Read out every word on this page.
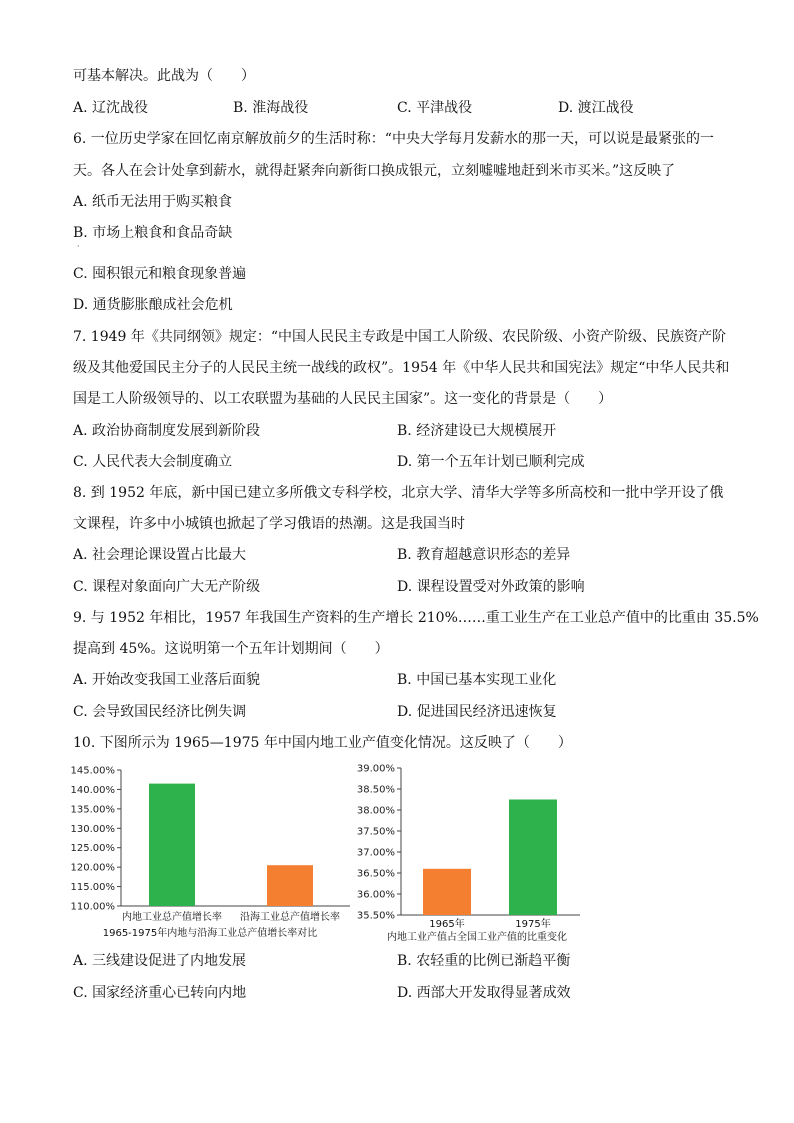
可基本解决。此战为（　　）
A. 辽沈战役	B. 淮海战役	C. 平津战役	D. 渡江战役
6. 一位历史学家在回忆南京解放前夕的生活时称：“中央大学每月发薪水的那一天，可以说是最紧张的一
天。各人在会计处拿到薪水，就得赶紧奔向新街口换成银元，立刻嘘嘘地赶到米市买米。”这反映了
A. 纸币无法用于购买粮食
B. 市场上粮食和食品奇缺
·
C. 囤积银元和粮食现象普遍
D. 通货膨胀酿成社会危机
7. 1949 年《共同纲领》规定：“中国人民民主专政是中国工人阶级、农民阶级、小资产阶级、民族资产阶
级及其他爱国民主分子的人民民主统一战线的政权”。1954 年《中华人民共和国宪法》规定“中华人民共和
国是工人阶级领导的、以工农联盟为基础的人民民主国家”。这一变化的背景是（　　）
A. 政治协商制度发展到新阶段	B. 经济建设已大规模展开
C. 人民代表大会制度确立	D. 第一个五年计划已顺利完成
8. 到 1952 年底，新中国已建立多所俄文专科学校，北京大学、清华大学等多所高校和一批中学开设了俄
文课程，许多中小城镇也掀起了学习俄语的热潮。这是我国当时
A. 社会理论课设置占比最大	B. 教育超越意识形态的差异
C. 课程对象面向广大无产阶级	D. 课程设置受对外政策的影响
9. 与 1952 年相比，1957 年我国生产资料的生产增长 210%……重工业生产在工业总产值中的比重由 35.5%
提高到 45%。这说明第一个五年计划期间（　　）
A. 开始改变我国工业落后面貌	B. 中国已基本实现工业化
C. 会导致国民经济比例失调	D. 促进国民经济迅速恢复
10. 下图所示为 1965—1975 年中国内地工业产值变化情况。这反映了（　　）
110.00%
115.00%
120.00%
125.00%
130.00%
135.00%
140.00%
145.00%
内地工业总产值增长率 沿海工业总产值增长率
1965-1975年内地与沿海工业总产值增长率对比
35.50%
36.00%
36.50%
37.00%
37.50%
38.00%
38.50%
39.00%
1965年	1975年
内地工业产值占全国工业产值的比重变化
A. 三线建设促进了内地发展	B. 农轻重的比例已渐趋平衡
C. 国家经济重心已转向内地	D. 西部大开发取得显著成效
